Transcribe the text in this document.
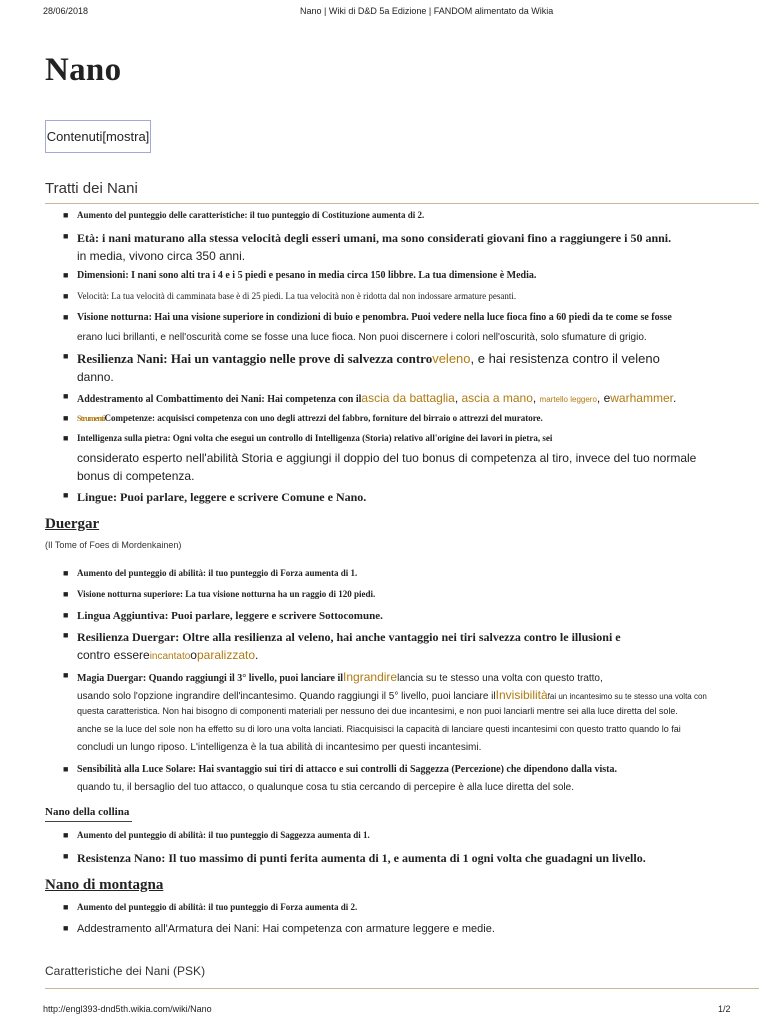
28/06/2018	Nano | Wiki di D&D 5a Edizione | FANDOM alimentato da Wikia
Nano
Contenuti[mostra]
Tratti dei Nani
■ Aumento del punteggio delle caratteristiche: il tuo punteggio di Costituzione aumenta di 2.
■ Età: i nani maturano alla stessa velocità degli esseri umani, ma sono considerati giovani fino a raggiungere i 50 anni.
in media, vivono circa 350 anni.
■ Dimensioni: I nani sono alti tra i 4 e i 5 piedi e pesano in media circa 150 libbre. La tua dimensione è Media.
■ Velocità: La tua velocità di camminata base è di 25 piedi. La tua velocità non è ridotta dal non indossare armature pesanti.
■ Visione notturna: Hai una visione superiore in condizioni di buio e penombra. Puoi vedere nella luce fioca fino a 60 piedi da te come se fosse
erano luci brillanti, e nell'oscurità come se fosse una luce fioca. Non puoi discernere i colori nell'oscurità, solo sfumature di grigio.
■ Resilienza Nani: Hai un vantaggio nelle prove di salvezza controveleno, e hai resistenza contro il veleno
danno.
■ Addestramento al Combattimento dei Nani: Hai competenza con ilascia da battaglia, ascia a mano, martello leggero, ewarhammer.
■ StrumentiCompetenze: acquisisci competenza con uno degli attrezzi del fabbro, forniture del birraio o attrezzi del muratore.
■ Intelligenza sulla pietra: Ogni volta che esegui un controllo di Intelligenza (Storia) relativo all'origine dei lavori in pietra, sei
considerato esperto nell'abilità Storia e aggiungi il doppio del tuo bonus di competenza al tiro, invece del tuo normale
bonus di competenza.
■ Lingue: Puoi parlare, leggere e scrivere Comune e Nano.
Duergar
(Il Tome of Foes di Mordenkainen)
■ Aumento del punteggio di abilità: il tuo punteggio di Forza aumenta di 1.
■ Visione notturna superiore: La tua visione notturna ha un raggio di 120 piedi.
■ Lingua Aggiuntiva: Puoi parlare, leggere e scrivere Sottocomune.
■ Resilienza Duergar: Oltre alla resilienza al veleno, hai anche vantaggio nei tiri salvezza contro le illusioni e
contro essereincantatooparalizzato.
■ Magia Duergar: Quando raggiungi il 3° livello, puoi lanciare ilIngrandirelancia su te stesso una volta con questo tratto,
usando solo l'opzione ingrandire dell'incantesimo. Quando raggiungi il 5° livello, puoi lanciare ilInvisibilitàfai un incantesimo su te stesso una volta con
questa caratteristica. Non hai bisogno di componenti materiali per nessuno dei due incantesimi, e non puoi lanciarli mentre sei alla luce diretta del sole.
anche se la luce del sole non ha effetto su di loro una volta lanciati. Riacquisisci la capacità di lanciare questi incantesimi con questo tratto quando lo fai
concludi un lungo riposo. L'intelligenza è la tua abilità di incantesimo per questi incantesimi.
■ Sensibilità alla Luce Solare: Hai svantaggio sui tiri di attacco e sui controlli di Saggezza (Percezione) che dipendono dalla vista.
quando tu, il bersaglio del tuo attacco, o qualunque cosa tu stia cercando di percepire è alla luce diretta del sole.
Nano della collina
■ Aumento del punteggio di abilità: il tuo punteggio di Saggezza aumenta di 1.
■ Resistenza Nano: Il tuo massimo di punti ferita aumenta di 1, e aumenta di 1 ogni volta che guadagni un livello.
Nano di montagna
■ Aumento del punteggio di abilità: il tuo punteggio di Forza aumenta di 2.
■ Addestramento all'Armatura dei Nani: Hai competenza con armature leggere e medie.
Caratteristiche dei Nani (PSK)
http://engl393-dnd5th.wikia.com/wiki/Nano	1/2
